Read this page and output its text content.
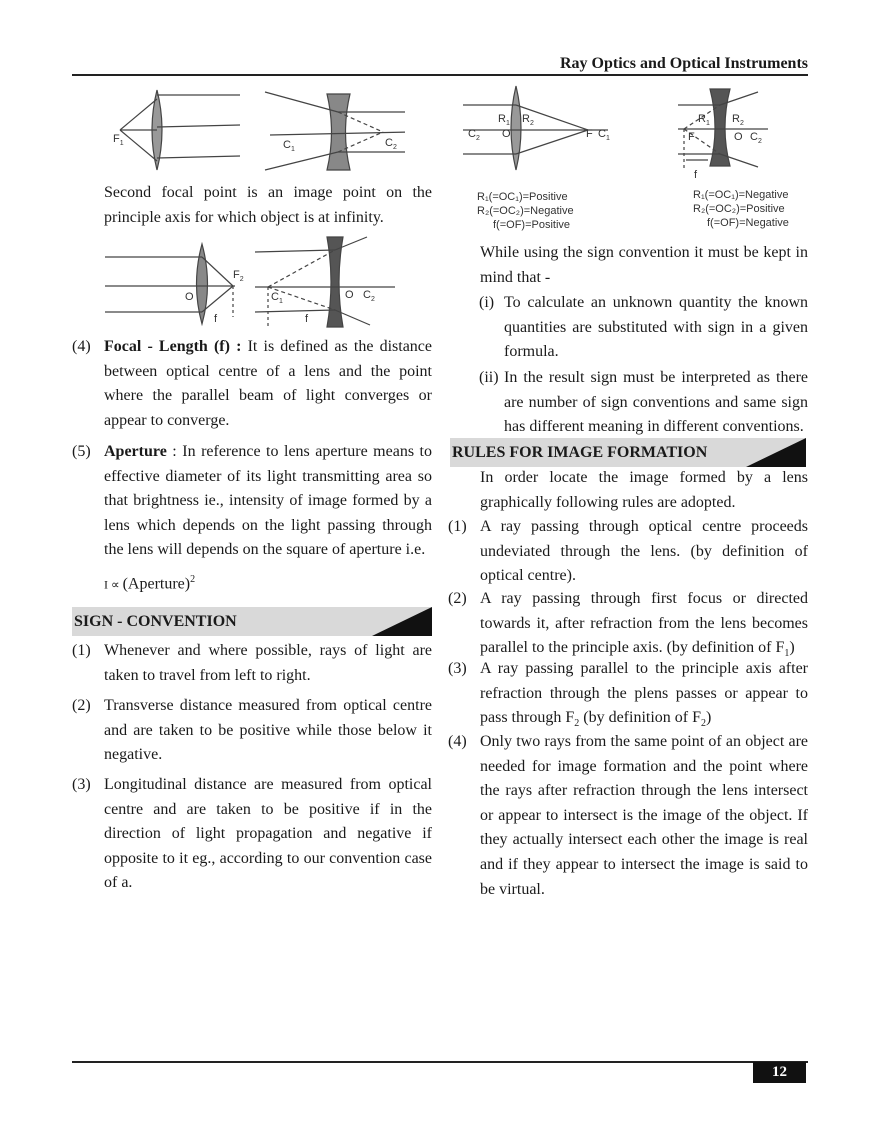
Ray Optics and Optical Instruments
$F_1$	$C_1$
$C_2$
Second focal point is an image point on the principle axis for which object is at infinity.
O
$F_2$
f
$C_1$
O $C_2$
f
(4) Focal - Length (f) : It is defined as the distance between optical centre of a lens and the point where the parallel beam of light converges or appear to converge.
(5) Aperture : In reference to lens aperture means to effective diameter of its light transmitting area so that brightness ie., intensity of image formed by a lens which depends on the light passing through the lens will depends on the square of aperture i.e.
I ∝ (Aperture)$^2$
SIGN - CONVENTION
(1) Whenever and where possible, rays of light are taken to travel from left to right.
(2) Transverse distance measured from optical centre and are taken to be positive while those below it negative.
(3) Longitudinal distance are measured from optical centre and are taken to be positive if in the direction of light propagation and negative if opposite to it eg., according to our convention case of a.
$R_1$ $R_2$
O
$C_2$	F $C_1$
$R_1$ $R_2$
F	O $C_2$
f
R₁(=OC₁)=Positive
R₂(=OC₂)=Negative
f(=OF)=Positive
R₁(=OC₁)=Negative
R₂(=OC₂)=Positive
f(=OF)=Negative
While using the sign convention it must be kept in mind that -
(i) To calculate an unknown quantity the known quantities are substituted with sign in a given formula.
(ii) In the result sign must be interpreted as there are number of sign conventions and same sign has different meaning in different conventions.
RULES FOR IMAGE FORMATION
In order locate the image formed by a lens graphically following rules are adopted.
(1) A ray passing through optical centre proceeds undeviated through the lens. (by definition of optical centre).
(2) A ray passing through first focus or directed towards it, after refraction from the lens becomes parallel to the principle axis. (by definition of $F_1$)
(3) A ray passing parallel to the principle axis after refraction through the plens passes or appear to pass through $F_2$ (by definition of $F_2$)
(4) Only two rays from the same point of an object are needed for image formation and the point where the rays after refraction through the lens intersect or appear to intersect is the image of the object. If they actually intersect each other the image is real and if they appear to intersect the image is said to be virtual.
12
